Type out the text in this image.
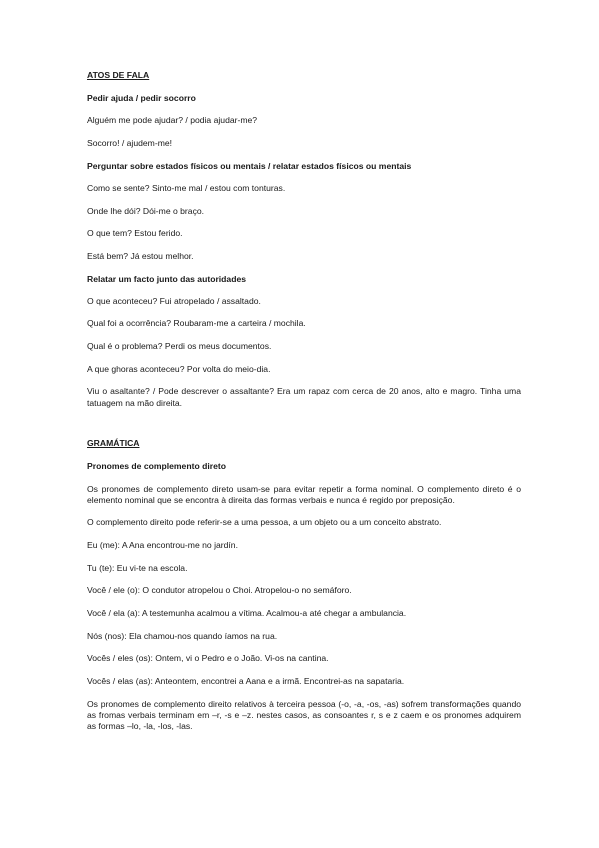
ATOS DE FALA

Pedir ajuda / pedir socorro

Alguém me pode ajudar? / podia ajudar-me?

Socorro! / ajudem-me!

Perguntar sobre estados físicos ou mentais / relatar estados físicos ou mentais

Como se sente? Sinto-me mal / estou com tonturas.

Onde lhe dói? Dói-me o braço.

O que tem? Estou ferido.

Está bem? Já estou melhor.

Relatar um facto junto das autoridades

O que aconteceu? Fui atropelado / assaltado.

Qual foi a ocorrência? Roubaram-me a carteira / mochila.

Qual é o problema? Perdi os meus documentos.

A que ghoras aconteceu? Por volta do meio-dia.

Viu o asaltante? / Pode descrever o assaltante? Era um rapaz com cerca de 20 anos, alto e magro. Tinha uma tatuagem na mão direita.

GRAMÁTICA

Pronomes de complemento direto

Os pronomes de complemento direto usam-se para evitar repetir a forma nominal. O complemento direto é o elemento nominal que se encontra à direita das formas verbais e nunca é regido por preposição.

O complemento direito pode referir-se a uma pessoa, a um objeto ou a um conceito abstrato.

Eu (me): A Ana encontrou-me no jardín.

Tu (te): Eu vi-te na escola.

Você / ele (o): O condutor atropelou o Choi. Atropelou-o no semáforo.

Você / ela (a): A testemunha acalmou a vítima. Acalmou-a até chegar a ambulancia.

Nós (nos): Ela chamou-nos quando íamos na rua.

Vocês / eles (os): Ontem, vi o Pedro e o João. Vi-os na cantina.

Vocês / elas (as): Anteontem, encontrei a Aana e a irmã. Encontrei-as na sapataria.

Os pronomes de complemento direito relativos à terceira pessoa (-o, -a, -os, -as) sofrem transformações quando as fromas verbais terminam em –r, -s e –z. nestes casos, as consoantes r, s e z caem e os pronomes adquirem as formas –lo, -la, -los, -las.
